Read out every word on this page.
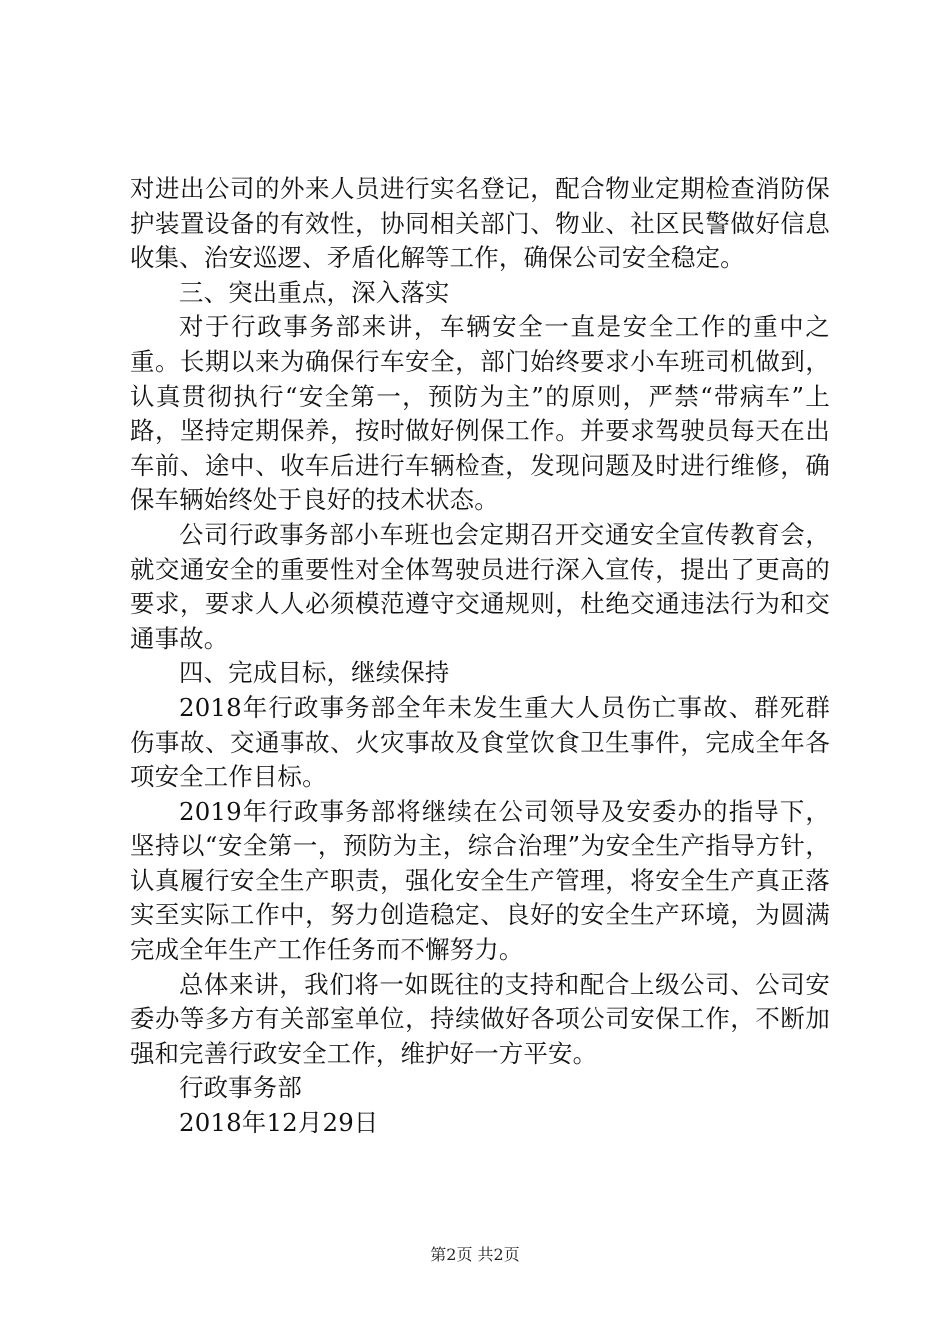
对进出公司的外来人员进行实名登记，配合物业定期检查消防保护装置设备的有效性，协同相关部门、物业、社区民警做好信息收集、治安巡逻、矛盾化解等工作，确保公司安全稳定。

三、突出重点，深入落实

对于行政事务部来讲，车辆安全一直是安全工作的重中之重。长期以来为确保行车安全，部门始终要求小车班司机做到，认真贯彻执行“安全第一，预防为主”的原则，严禁“带病车”上路，坚持定期保养，按时做好例保工作。并要求驾驶员每天在出车前、途中、收车后进行车辆检查，发现问题及时进行维修，确保车辆始终处于良好的技术状态。

公司行政事务部小车班也会定期召开交通安全宣传教育会，就交通安全的重要性对全体驾驶员进行深入宣传，提出了更高的要求，要求人人必须模范遵守交通规则，杜绝交通违法行为和交通事故。

四、完成目标，继续保持

2018年行政事务部全年未发生重大人员伤亡事故、群死群伤事故、交通事故、火灾事故及食堂饮食卫生事件，完成全年各项安全工作目标。

2019年行政事务部将继续在公司领导及安委办的指导下，坚持以“安全第一，预防为主，综合治理”为安全生产指导方针，认真履行安全生产职责，强化安全生产管理，将安全生产真正落实至实际工作中，努力创造稳定、良好的安全生产环境，为圆满完成全年生产工作任务而不懈努力。

总体来讲，我们将一如既往的支持和配合上级公司、公司安委办等多方有关部室单位，持续做好各项公司安保工作，不断加强和完善行政安全工作，维护好一方平安。

行政事务部

2018年12月29日

第2页 共2页
